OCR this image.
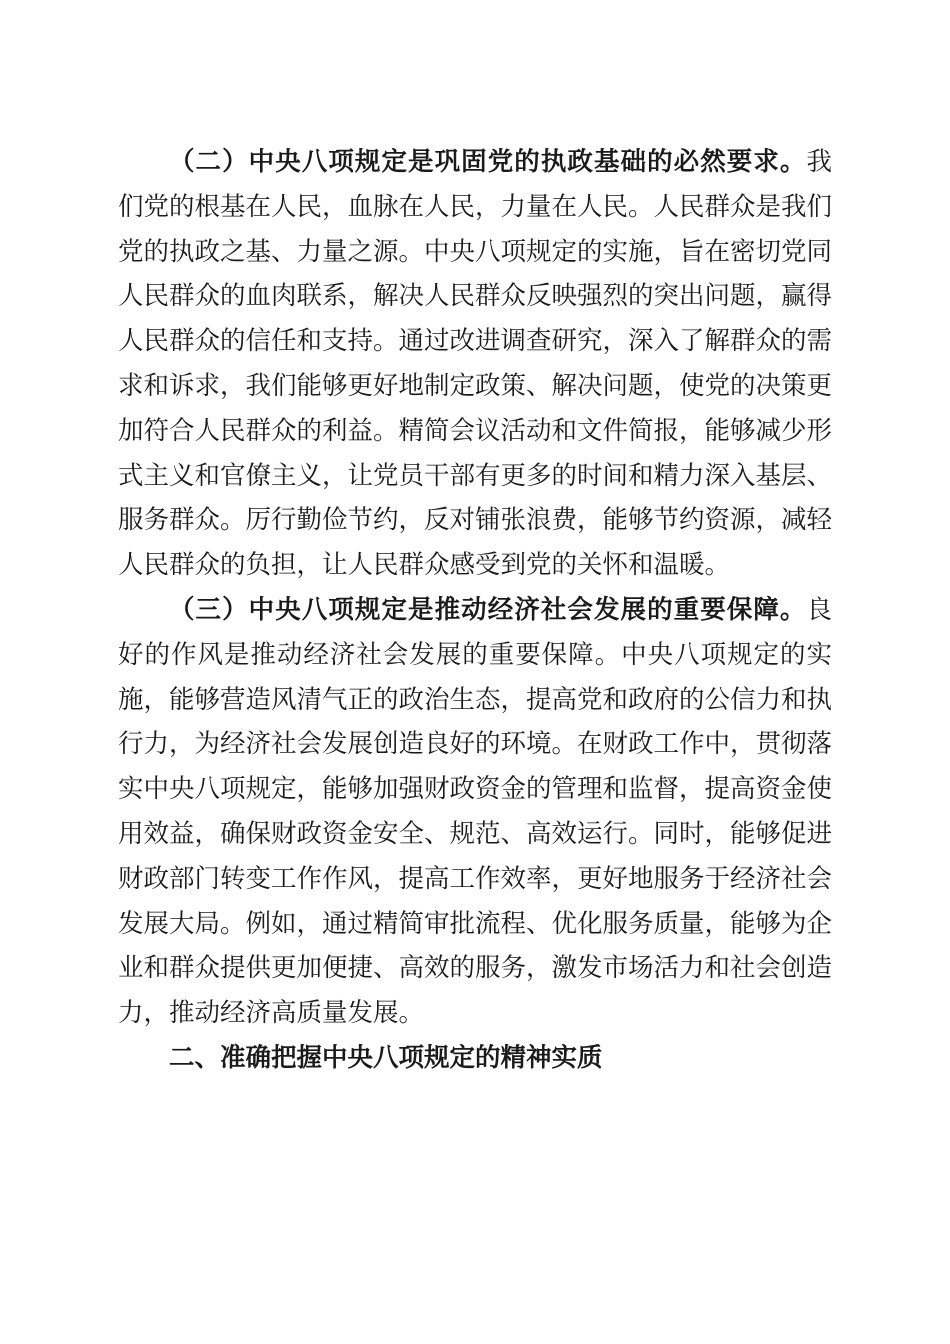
（二）中央八项规定是巩固党的执政基础的必然要求。我们党的根基在人民，血脉在人民，力量在人民。人民群众是我们党的执政之基、力量之源。中央八项规定的实施，旨在密切党同人民群众的血肉联系，解决人民群众反映强烈的突出问题，赢得人民群众的信任和支持。通过改进调查研究，深入了解群众的需求和诉求，我们能够更好地制定政策、解决问题，使党的决策更加符合人民群众的利益。精简会议活动和文件简报，能够减少形式主义和官僚主义，让党员干部有更多的时间和精力深入基层、服务群众。厉行勤俭节约，反对铺张浪费，能够节约资源，减轻人民群众的负担，让人民群众感受到党的关怀和温暖。

（三）中央八项规定是推动经济社会发展的重要保障。良好的作风是推动经济社会发展的重要保障。中央八项规定的实施，能够营造风清气正的政治生态，提高党和政府的公信力和执行力，为经济社会发展创造良好的环境。在财政工作中，贯彻落实中央八项规定，能够加强财政资金的管理和监督，提高资金使用效益，确保财政资金安全、规范、高效运行。同时，能够促进财政部门转变工作作风，提高工作效率，更好地服务于经济社会发展大局。例如，通过精简审批流程、优化服务质量，能够为企业和群众提供更加便捷、高效的服务，激发市场活力和社会创造力，推动经济高质量发展。

二、准确把握中央八项规定的精神实质
